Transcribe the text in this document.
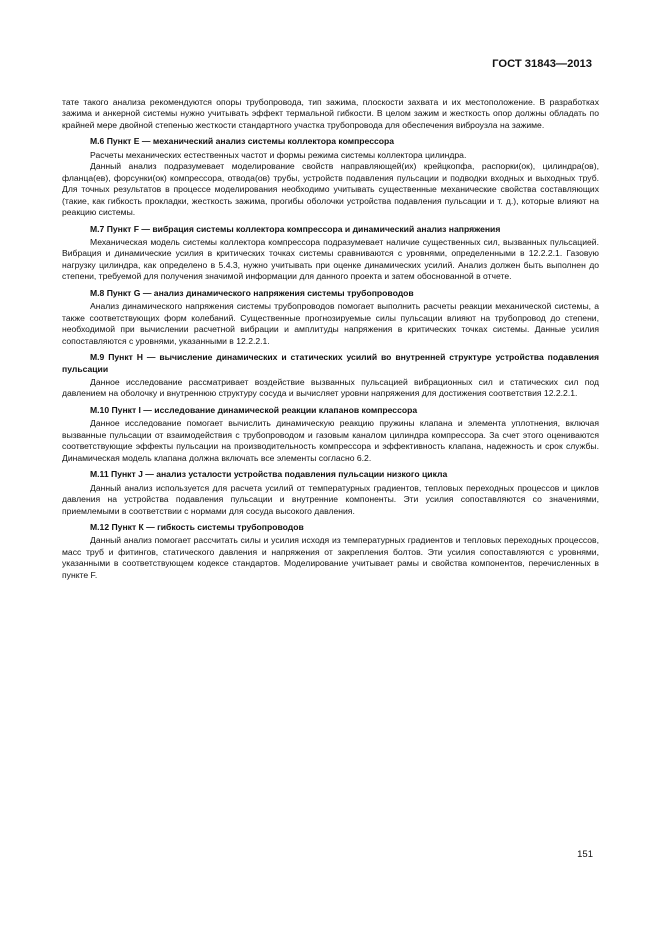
ГОСТ 31843—2013

тате такого анализа рекомендуются опоры трубопровода, тип зажима, плоскости захвата и их местоположение. В разработках зажима и анкерной системы нужно учитывать эффект термальной гибкости. В целом зажим и жесткость опор должны обладать по крайней мере двойной степенью жесткости стандартного участка трубопровода для обеспечения виброузла на зажиме.

М.6 Пункт Е — механический анализ системы коллектора компрессора

Расчеты механических естественных частот и формы режима системы коллектора цилиндра.

Данный анализ подразумевает моделирование свойств направляющей(их) крейцкопфа, распорки(ок), цилиндра(ов), фланца(ев), форсунки(ок) компрессора, отвода(ов) трубы, устройств подавления пульсации и подводки входных и выходных труб. Для точных результатов в процессе моделирования необходимо учитывать существенные механические свойства составляющих (такие, как гибкость прокладки, жесткость зажима, прогибы оболочки устройства подавления пульсации и т. д.), которые влияют на реакцию системы.

М.7 Пункт F — вибрация системы коллектора компрессора и динамический анализ напряжения

Механическая модель системы коллектора компрессора подразумевает наличие существенных сил, вызванных пульсацией. Вибрация и динамические усилия в критических точках системы сравниваются с уровнями, определенными в 12.2.2.1. Газовую нагрузку цилиндра, как определено в 5.4.3, нужно учитывать при оценке динамических усилий. Анализ должен быть выполнен до степени, требуемой для получения значимой информации для данного проекта и затем обоснованной в отчете.

М.8 Пункт G — анализ динамического напряжения системы трубопроводов

Анализ динамического напряжения системы трубопроводов помогает выполнить расчеты реакции механической системы, а также соответствующих форм колебаний. Существенные прогнозируемые силы пульсации влияют на трубопровод до степени, необходимой при вычислении расчетной вибрации и амплитуды напряжения в критических точках системы. Данные усилия сопоставляются с уровнями, указанными в 12.2.2.1.

М.9 Пункт Н — вычисление динамических и статических усилий во внутренней структуре устройства подавления пульсации

Данное исследование рассматривает воздействие вызванных пульсацией вибрационных сил и статических сил под давлением на оболочку и внутреннюю структуру сосуда и вычисляет уровни напряжения для достижения соответствия 12.2.2.1.

М.10 Пункт I — исследование динамической реакции клапанов компрессора

Данное исследование помогает вычислить динамическую реакцию пружины клапана и элемента уплотнения, включая вызванные пульсации от взаимодействия с трубопроводом и газовым каналом цилиндра компрессора. За счет этого оцениваются соответствующие эффекты пульсации на производительность компрессора и эффективность клапана, надежность и срок службы. Динамическая модель клапана должна включать все элементы согласно 6.2.

М.11 Пункт J — анализ усталости устройства подавления пульсации низкого цикла

Данный анализ используется для расчета усилий от температурных градиентов, тепловых переходных процессов и циклов давления на устройства подавления пульсации и внутренние компоненты. Эти усилия сопоставляются со значениями, приемлемыми в соответствии с нормами для сосуда высокого давления.

М.12 Пункт К — гибкость системы трубопроводов

Данный анализ помогает рассчитать силы и усилия исходя из температурных градиентов и тепловых переходных процессов, масс труб и фитингов, статического давления и напряжения от закрепления болтов. Эти усилия сопоставляются с уровнями, указанными в соответствующем кодексе стандартов. Моделирование учитывает рамы и свойства компонентов, перечисленных в пункте F.

151
